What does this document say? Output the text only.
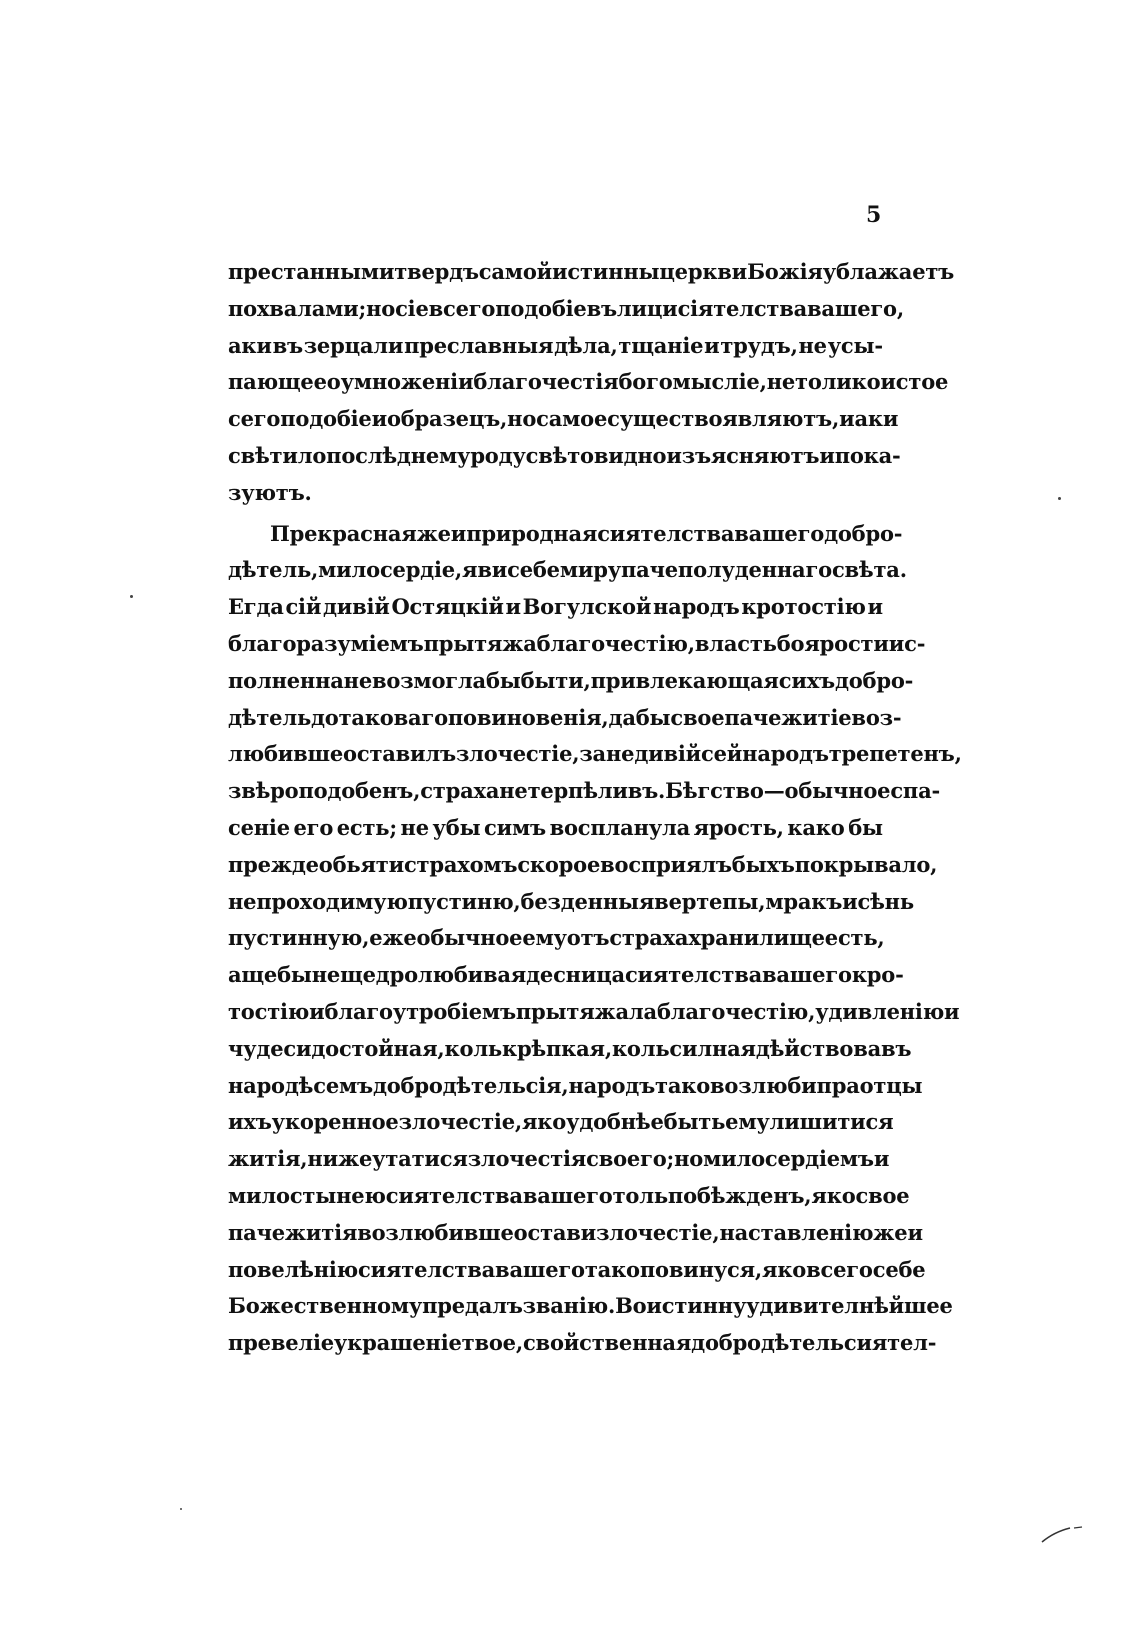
5
престанными твердъ самой истинны церкви Божія ублажаетъ
похвалами; но сіе всего подобіе въ лици сіятелства вашего,
аки въ зерцали преславныя дѣла, тщаніе и трудъ, не усы-
пающее о умноженіи благочестія богомысліе, не толико истое
сего подобіе и образецъ, но самое существо являютъ, и аки
свѣтило послѣднему роду свѣтовидно изъясняютъ и пока-
зуютъ.
Прекрасная же и природная сиятелства вашего добро-
дѣтель, милосердіе, яви себе миру паче полуденнаго свѣта.
Егда сій дивій Остяцкій и Вогулской народъ кротостію и
благоразуміемъ прытяжа благочестію, власть бо ярости ис-
полненна не возмогла бы быти, привлекающая сихъ добро-
дѣтель до таковаго повиновенія, дабы свое паче житіе воз-
любивше оставилъ злочестіе, зане дивій сей народъ трепетенъ,
звѣроподобенъ, страха нетерпѣливъ. Бѣгство—обычное спа-
сеніе его есть; не убы симъ воспланула ярость, како бы
прежде обьяти страхомъ скорое восприялъ быхъ покрывало,
непроходимую пустиню, безденныя вертепы, мракъ и сѣнь
пустинную, еже обычное ему отъ страха хранилище есть,
аще бы не щедролюбивая десница сиятелства вашего кро-
тостію и благоутробіемъ прытяжала благочестію, удивленію и
чудеси достойная, коль крѣпкая, коль силная дѣйствова въ
народѣ семъ добродѣтель сія, народъ тако возлюби праотцы
ихъ укоренное злочестіе, яко удобнѣе быть ему лишитися
житія, ниже утатися злочестія своего; но милосердіемъ и
милостынею сиятелства вашего толь побѣжденъ, яко свое
паче житія возлюбивше остави злочестіе, наставленію же и
повелѣнію сиятелства вашего тако повинуся, яко всего себе
Божественному предалъ званію. Во истинну удивителнѣйшее
превеліе украшеніе твое, свойственная добродѣтель сиятел-
